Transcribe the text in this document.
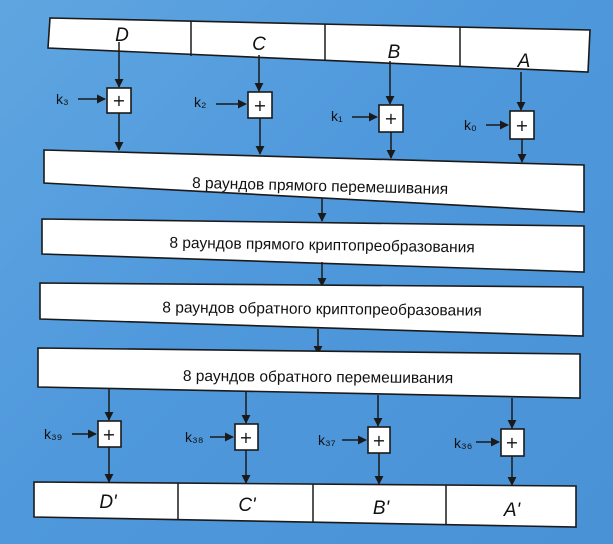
D	C	B	A
+
k₃	+
k₂
+
k₁	+
k₀
8 раундов прямого перемешивания
8 раундов прямого криптопреобразования
8 раундов обратного криптопреобразования
8 раундов обратного перемешивания
+
k₃₉	+
k₃₈	+
k₃₇	+
k₃₆
D'	C'	B'	A'
